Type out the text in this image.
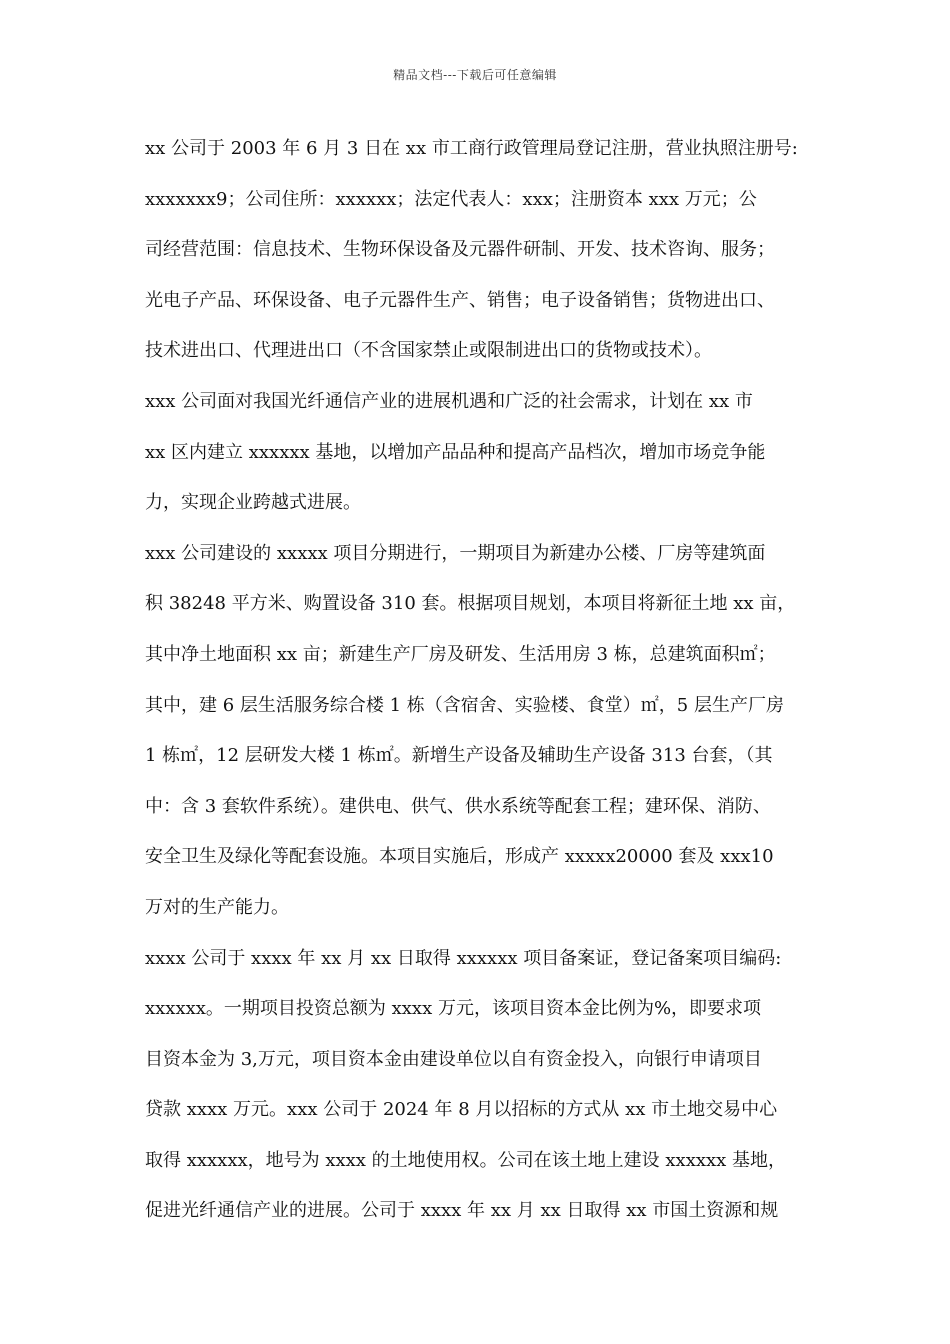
精品文档---下载后可任意编辑
xx 公司于 2003 年 6 月 3 日在 xx 市工商行政管理局登记注册，营业执照注册号:
xxxxxxx9；公司住所：xxxxxx；法定代表人：xxx；注册资本 xxx 万元；公
司经营范围：信息技术、生物环保设备及元器件研制、开发、技术咨询、服务；
光电子产品、环保设备、电子元器件生产、销售；电子设备销售；货物进出口、
技术进出口、代理进出口（不含国家禁止或限制进出口的货物或技术）。
xxx 公司面对我国光纤通信产业的进展机遇和广泛的社会需求，计划在 xx 市
xx 区内建立 xxxxxx 基地，以增加产品品种和提高产品档次，增加市场竞争能
力，实现企业跨越式进展。
xxx 公司建设的 xxxxx 项目分期进行，一期项目为新建办公楼、厂房等建筑面
积 38248 平方米、购置设备 310 套。根据项目规划，本项目将新征土地 xx 亩，
其中净土地面积 xx 亩；新建生产厂房及研发、生活用房 3 栋，总建筑面积㎡；
其中，建 6 层生活服务综合楼 1 栋（含宿舍、实验楼、食堂）㎡，5 层生产厂房
1 栋㎡，12 层研发大楼 1 栋㎡。新增生产设备及辅助生产设备 313 台套，（其
中：含 3 套软件系统）。建供电、供气、供水系统等配套工程；建环保、消防、
安全卫生及绿化等配套设施。本项目实施后，形成产 xxxxx20000 套及 xxx10
万对的生产能力。
xxxx 公司于 xxxx 年 xx 月 xx 日取得 xxxxxx 项目备案证，登记备案项目编码:
xxxxxx。一期项目投资总额为 xxxx 万元，该项目资本金比例为%，即要求项
目资本金为 3,万元，项目资本金由建设单位以自有资金投入，向银行申请项目
贷款 xxxx 万元。xxx 公司于 2024 年 8 月以招标的方式从 xx 市土地交易中心
取得 xxxxxx，地号为 xxxx 的土地使用权。公司在该土地上建设 xxxxxx 基地，
促进光纤通信产业的进展。公司于 xxxx 年 xx 月 xx 日取得 xx 市国土资源和规
